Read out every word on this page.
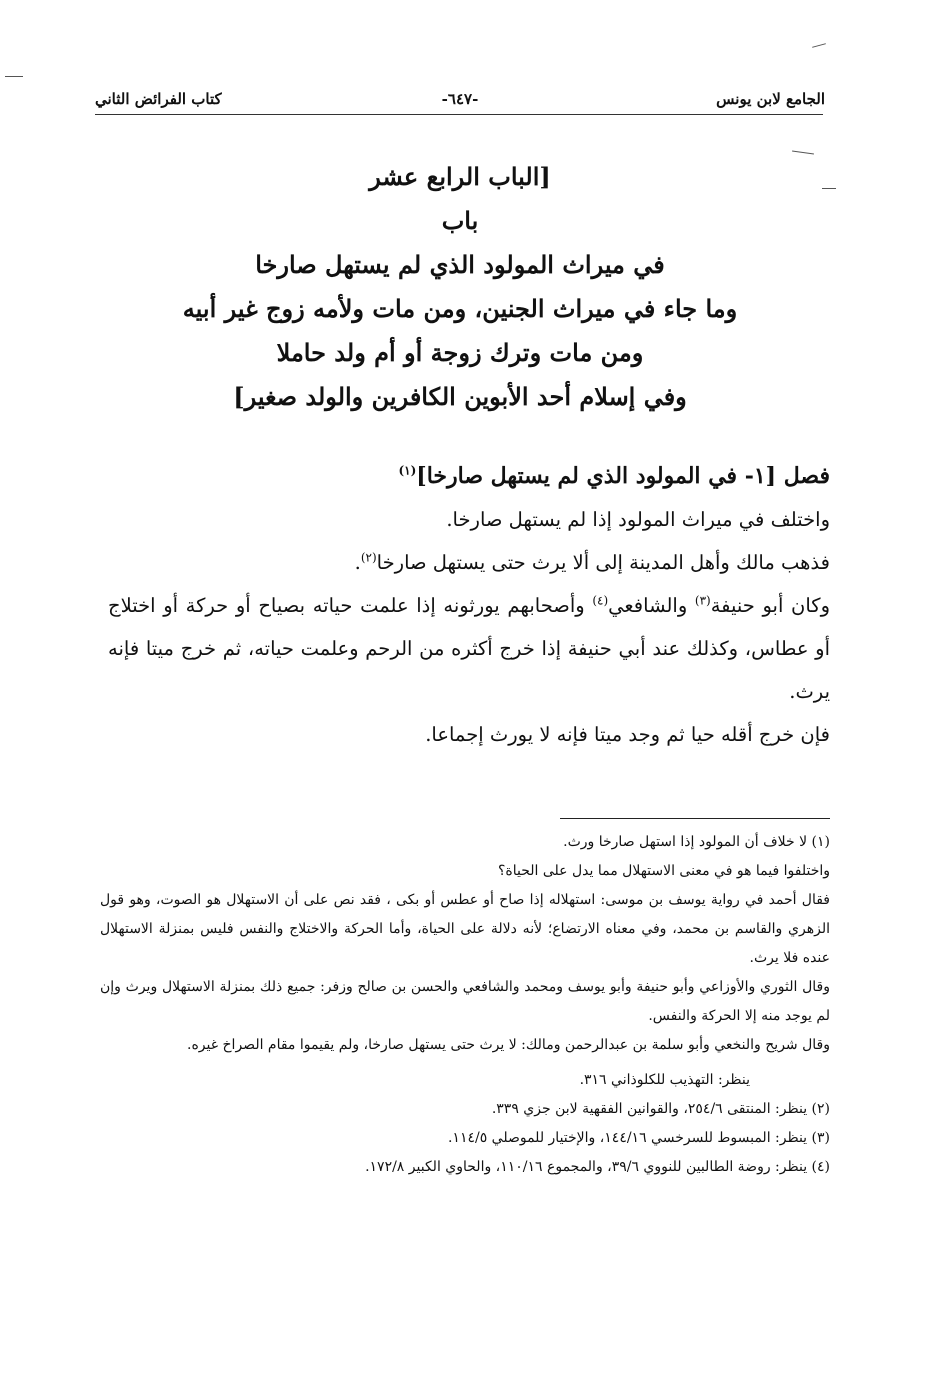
الجامع لابن يونس
-٦٤٧-
كتاب الفرائض الثاني
[الباب الرابع عشر
باب
في ميراث المولود الذي لم يستهل صارخا
وما جاء في ميراث الجنين، ومن مات ولأمه زوج غير أبيه
ومن مات وترك زوجة أو أم ولد حاملا
وفي إسلام أحد الأبوين الكافرين والولد صغير]
فصل [١- في المولود الذي لم يستهل صارخا]$^{(١)}$

واختلف في ميراث المولود إذا لم يستهل صارخا.

فذهب مالك وأهل المدينة إلى ألا يرث حتى يستهل صارخا$^{(٢)}$.

وكان أبو حنيفة$^{(٣)}$ والشافعي$^{(٤)}$ وأصحابهم يورثونه إذا علمت حياته بصياح أو حركة أو اختلاج أو عطاس، وكذلك عند أبي حنيفة إذا خرج أكثره من الرحم وعلمت حياته، ثم خرج ميتا فإنه يرث.

فإن خرج أقله حيا ثم وجد ميتا فإنه لا يورث إجماعا.

(١) لا خلاف أن المولود إذا استهل صارخا ورث.

واختلفوا فيما هو في معنى الاستهلال مما يدل على الحياة؟

فقال أحمد في رواية يوسف بن موسى: استهلاله إذا صاح أو عطس أو بكى ، فقد نص على أن الاستهلال هو الصوت، وهو قول الزهري والقاسم بن محمد، وفي معناه الارتضاع؛ لأنه دلالة على الحياة، وأما الحركة والاختلاج والنفس فليس بمنزلة الاستهلال عنده فلا يرث.

وقال الثوري والأوزاعي وأبو حنيفة وأبو يوسف ومحمد والشافعي والحسن بن صالح وزفر: جميع ذلك بمنزلة الاستهلال ويرث وإن لم يوجد منه إلا الحركة والنفس.

وقال شريح والنخعي وأبو سلمة بن عبدالرحمن ومالك: لا يرث حتى يستهل صارخا، ولم يقيموا مقام الصراخ غيره.

ينظر: التهذيب للكلوذاني ٣١٦.

(٢) ينظر: المنتقى ٢٥٤/٦، والقوانين الفقهية لابن جزي ٣٣٩.

(٣) ينظر: المبسوط للسرخسي ١٤٤/١٦، والإختيار للموصلي ١١٤/٥.

(٤) ينظر: روضة الطالبين للنووي ٣٩/٦، والمجموع ١١٠/١٦، والحاوي الكبير ١٧٢/٨.
